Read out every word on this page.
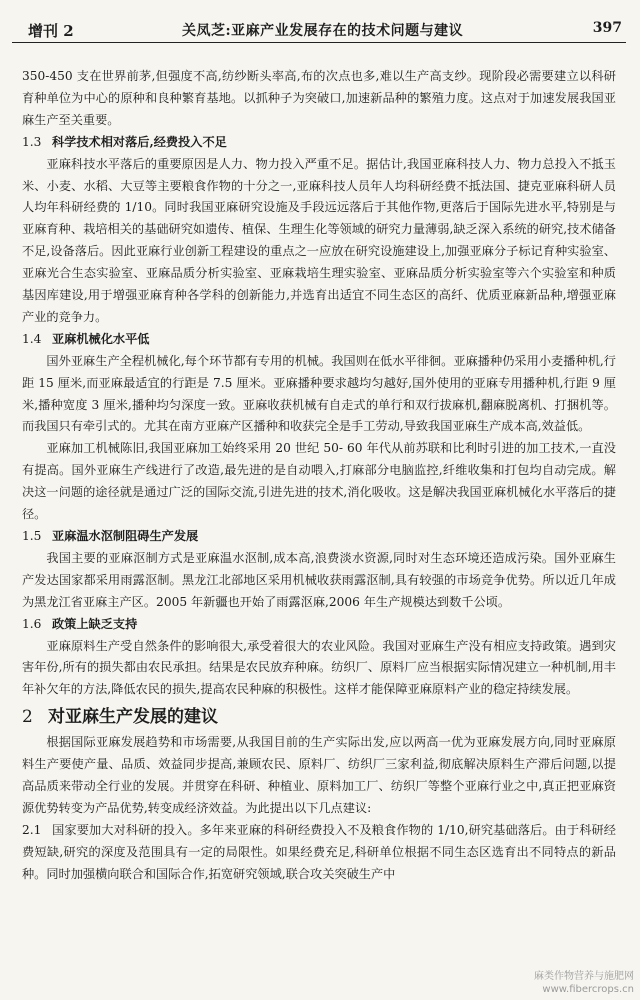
增刊 2	关凤芝:亚麻产业发展存在的技术问题与建议	397

350-450 支在世界前茅,但强度不高,纺纱断头率高,布的次点也多,难以生产高支纱。现阶段必需要建立以科研育种单位为中心的原种和良种繁育基地。以抓种子为突破口,加速新品种的繁殖力度。这点对于加速发展我国亚麻生产至关重要。

1.3 科学技术相对落后,经费投入不足

亚麻科技水平落后的重要原因是人力、物力投入严重不足。据估计,我国亚麻科技人力、物力总投入不抵玉米、小麦、水稻、大豆等主要粮食作物的十分之一,亚麻科技人员年人均科研经费不抵法国、捷克亚麻科研人员人均年科研经费的 1/10。同时我国亚麻研究设施及手段远远落后于其他作物,更落后于国际先进水平,特别是与亚麻育种、栽培相关的基础研究如遗传、植保、生理生化等领域的研究力量薄弱,缺乏深入系统的研究,技术储备不足,设备落后。因此亚麻行业创新工程建设的重点之一应放在研究设施建设上,加强亚麻分子标记育种实验室、亚麻光合生态实验室、亚麻品质分析实验室、亚麻栽培生理实验室、亚麻品质分析实验室等六个实验室和种质基因库建设,用于增强亚麻育种各学科的创新能力,并选育出适宜不同生态区的高纤、优质亚麻新品种,增强亚麻产业的竞争力。

1.4 亚麻机械化水平低

国外亚麻生产全程机械化,每个环节都有专用的机械。我国则在低水平徘徊。亚麻播种仍采用小麦播种机,行距 15 厘米,而亚麻最适宜的行距是 7.5 厘米。亚麻播种要求越均匀越好,国外使用的亚麻专用播种机,行距 9 厘米,播种宽度 3 厘米,播种均匀深度一致。亚麻收获机械有自走式的单行和双行拔麻机,翻麻脱离机、打捆机等。而我国只有牵引式的。尤其在南方亚麻产区播种和收获完全是手工劳动,导致我国亚麻生产成本高,效益低。

亚麻加工机械陈旧,我国亚麻加工始终采用 20 世纪 50- 60 年代从前苏联和比利时引进的加工技术,一直没有提高。国外亚麻生产线进行了改造,最先进的是自动喂入,打麻部分电脑监控,纤维收集和打包均自动完成。解决这一问题的途径就是通过广泛的国际交流,引进先进的技术,消化吸收。这是解决我国亚麻机械化水平落后的捷径。

1.5 亚麻温水沤制阻碍生产发展

我国主要的亚麻沤制方式是亚麻温水沤制,成本高,浪费淡水资源,同时对生态环境还造成污染。国外亚麻生产发达国家都采用雨露沤制。黑龙江北部地区采用机械收获雨露沤制,具有较强的市场竞争优势。所以近几年成为黑龙江省亚麻主产区。2005 年新疆也开始了雨露沤麻,2006 年生产规模达到数千公顷。

1.6 政策上缺乏支持

亚麻原料生产受自然条件的影响很大,承受着很大的农业风险。我国对亚麻生产没有相应支持政策。遇到灾害年份,所有的损失都由农民承担。结果是农民放弃种麻。纺织厂、原料厂应当根据实际情况建立一种机制,用丰年补欠年的方法,降低农民的损失,提高农民种麻的积极性。这样才能保障亚麻原料产业的稳定持续发展。

2 对亚麻生产发展的建议

根据国际亚麻发展趋势和市场需要,从我国目前的生产实际出发,应以两高一优为亚麻发展方向,同时亚麻原料生产要使产量、品质、效益同步提高,兼顾农民、原料厂、纺织厂三家利益,彻底解决原料生产滞后问题,以提高品质来带动全行业的发展。并贯穿在科研、种植业、原料加工厂、纺织厂等整个亚麻行业之中,真正把亚麻资源优势转变为产品优势,转变成经济效益。为此提出以下几点建议:

2.1 国家要加大对科研的投入。多年来亚麻的科研经费投入不及粮食作物的 1/10,研究基础落后。由于科研经费短缺,研究的深度及范围具有一定的局限性。如果经费充足,科研单位根据不同生态区选育出不同特点的新品种。同时加强横向联合和国际合作,拓宽研究领域,联合攻关突破生产中

麻类作物营养与施肥网
www.fibercrops.cn
